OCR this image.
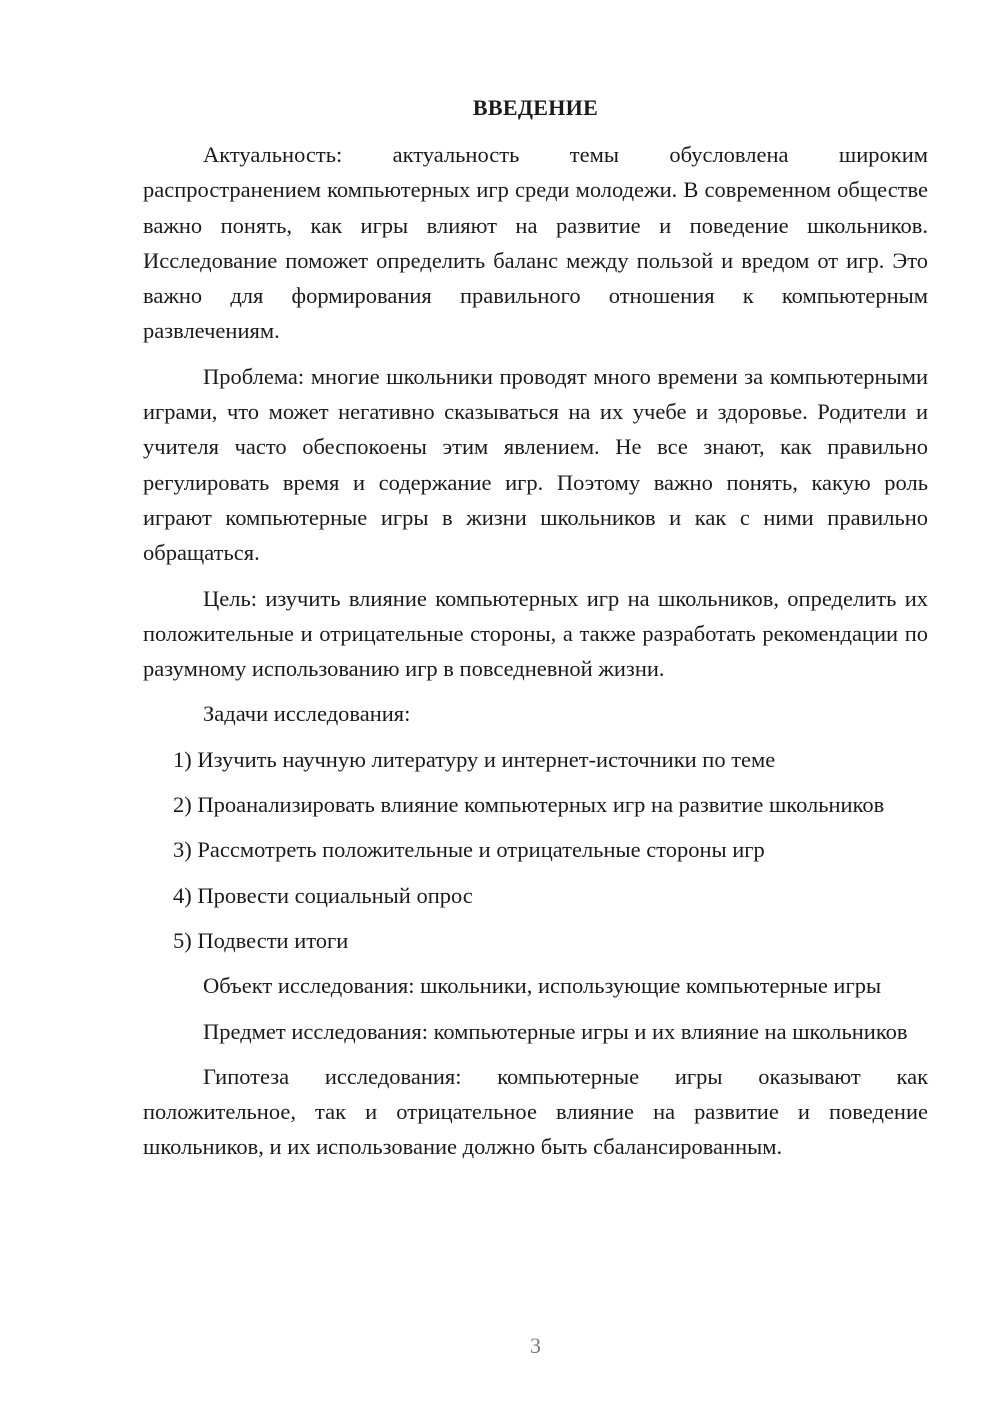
ВВЕДЕНИЕ

Актуальность: актуальность темы обусловлена широким распространением компьютерных игр среди молодежи. В современном обществе важно понять, как игры влияют на развитие и поведение школьников. Исследование поможет определить баланс между пользой и вредом от игр. Это важно для формирования правильного отношения к компьютерным развлечениям.

Проблема: многие школьники проводят много времени за компьютерными играми, что может негативно сказываться на их учебе и здоровье. Родители и учителя часто обеспокоены этим явлением. Не все знают, как правильно регулировать время и содержание игр. Поэтому важно понять, какую роль играют компьютерные игры в жизни школьников и как с ними правильно обращаться.

Цель: изучить влияние компьютерных игр на школьников, определить их положительные и отрицательные стороны, а также разработать рекомендации по разумному использованию игр в повседневной жизни.

Задачи исследования:

1) Изучить научную литературу и интернет-источники по теме

2) Проанализировать влияние компьютерных игр на развитие школьников

3) Рассмотреть положительные и отрицательные стороны игр

4) Провести социальный опрос

5) Подвести итоги

Объект исследования: школьники, использующие компьютерные игры

Предмет исследования: компьютерные игры и их влияние на школьников

Гипотеза исследования: компьютерные игры оказывают как положительное, так и отрицательное влияние на развитие и поведение школьников, и их использование должно быть сбалансированным.

3
